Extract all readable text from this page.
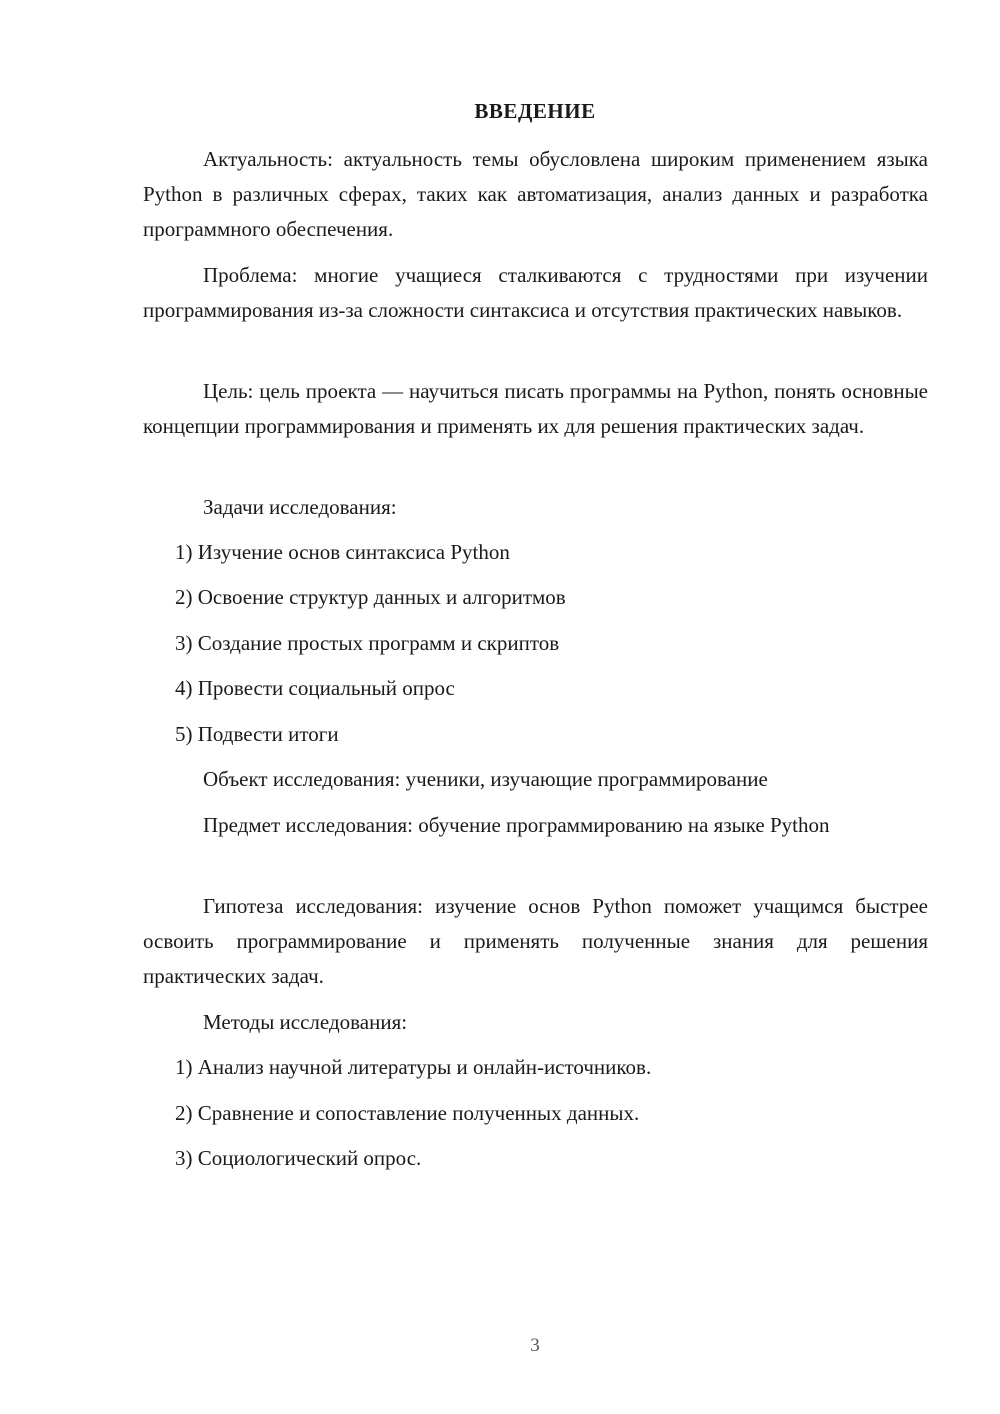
ВВЕДЕНИЕ

Актуальность: актуальность темы обусловлена широким применением языка Python в различных сферах, таких как автоматизация, анализ данных и разработка программного обеспечения.

Проблема: многие учащиеся сталкиваются с трудностями при изучении программирования из-за сложности синтаксиса и отсутствия практических навыков.

Цель: цель проекта — научиться писать программы на Python, понять основные концепции программирования и применять их для решения практических задач.

Задачи исследования:

1) Изучение основ синтаксиса Python

2) Освоение структур данных и алгоритмов

3) Создание простых программ и скриптов

4) Провести социальный опрос

5) Подвести итоги

Объект исследования: ученики, изучающие программирование

Предмет исследования: обучение программированию на языке Python

Гипотеза исследования: изучение основ Python поможет учащимся быстрее освоить программирование и применять полученные знания для решения практических задач.

Методы исследования:

1) Анализ научной литературы и онлайн-источников.

2) Сравнение и сопоставление полученных данных.

3) Социологический опрос.

3
